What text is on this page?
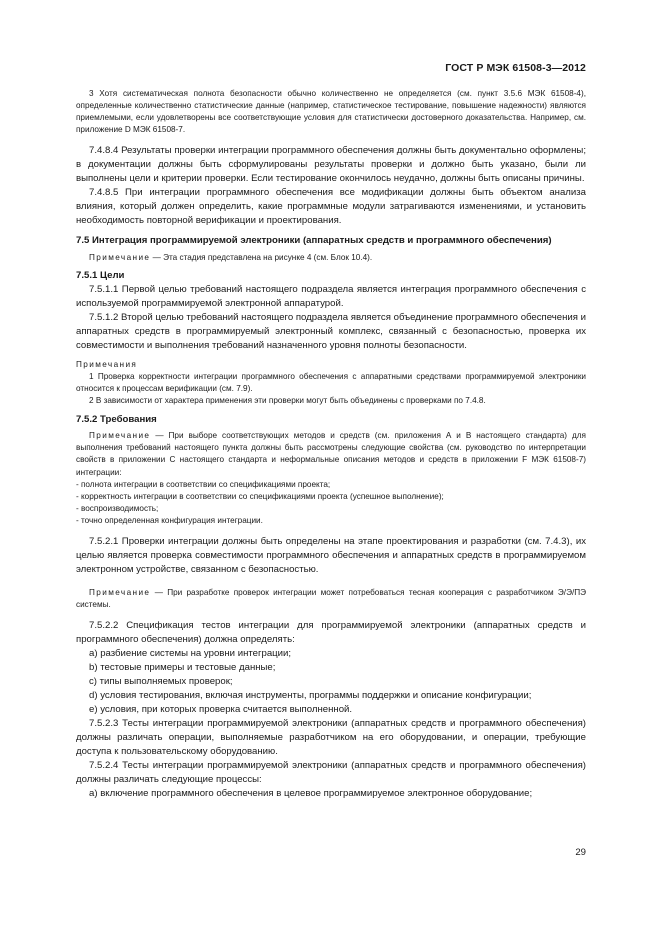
ГОСТ Р МЭК 61508-3—2012

3 Хотя систематическая полнота безопасности обычно количественно не определяется (см. пункт 3.5.6 МЭК 61508-4), определенные количественно статистические данные (например, статистическое тестирование, повышение надежности) являются приемлемыми, если удовлетворены все соответствующие условия для статистически достоверного доказательства. Например, см. приложение D МЭК 61508-7.

7.4.8.4 Результаты проверки интеграции программного обеспечения должны быть документально оформлены; в документации должны быть сформулированы результаты проверки и должно быть указано, были ли выполнены цели и критерии проверки. Если тестирование окончилось неудачно, должны быть описаны причины.

7.4.8.5 При интеграции программного обеспечения все модификации должны быть объектом анализа влияния, который должен определить, какие программные модули затрагиваются изменениями, и установить необходимость повторной верификации и проектирования.

7.5 Интеграция программируемой электроники (аппаратных средств и программного обеспечения)

Примечание — Эта стадия представлена на рисунке 4 (см. Блок 10.4).

7.5.1 Цели

7.5.1.1 Первой целью требований настоящего подраздела является интеграция программного обеспечения с используемой программируемой электронной аппаратурой.

7.5.1.2 Второй целью требований настоящего подраздела является объединение программного обеспечения и аппаратных средств в программируемый электронный комплекс, связанный с безопасностью, проверка их совместимости и выполнения требований назначенного уровня полноты безопасности.

Примечания

1 Проверка корректности интеграции программного обеспечения с аппаратными средствами программируемой электроники относится к процессам верификации (см. 7.9).

2 В зависимости от характера применения эти проверки могут быть объединены с проверками по 7.4.8.

7.5.2 Требования

Примечание — При выборе соответствующих методов и средств (см. приложения А и В настоящего стандарта) для выполнения требований настоящего пункта должны быть рассмотрены следующие свойства (см. руководство по интерпретации свойств в приложении С настоящего стандарта и неформальные описания методов и средств в приложении F МЭК 61508-7) интеграции:

- полнота интеграции в соответствии со спецификациями проекта;

- корректность интеграции в соответствии со спецификациями проекта (успешное выполнение);

- воспроизводимость;

- точно определенная конфигурация интеграции.

7.5.2.1 Проверки интеграции должны быть определены на этапе проектирования и разработки (см. 7.4.3), их целью является проверка совместимости программного обеспечения и аппаратных средств в программируемом электронном устройстве, связанном с безопасностью.

Примечание — При разработке проверок интеграции может потребоваться тесная кооперация с разработчиком Э/Э/ПЭ системы.

7.5.2.2 Спецификация тестов интеграции для программируемой электроники (аппаратных средств и программного обеспечения) должна определять:

a) разбиение системы на уровни интеграции;

b) тестовые примеры и тестовые данные;

c) типы выполняемых проверок;

d) условия тестирования, включая инструменты, программы поддержки и описание конфигурации;

e) условия, при которых проверка считается выполненной.

7.5.2.3 Тесты интеграции программируемой электроники (аппаратных средств и программного обеспечения) должны различать операции, выполняемые разработчиком на его оборудовании, и операции, требующие доступа к пользовательскому оборудованию.

7.5.2.4 Тесты интеграции программируемой электроники (аппаратных средств и программного обеспечения) должны различать следующие процессы:

a) включение программного обеспечения в целевое программируемое электронное оборудование;

29
